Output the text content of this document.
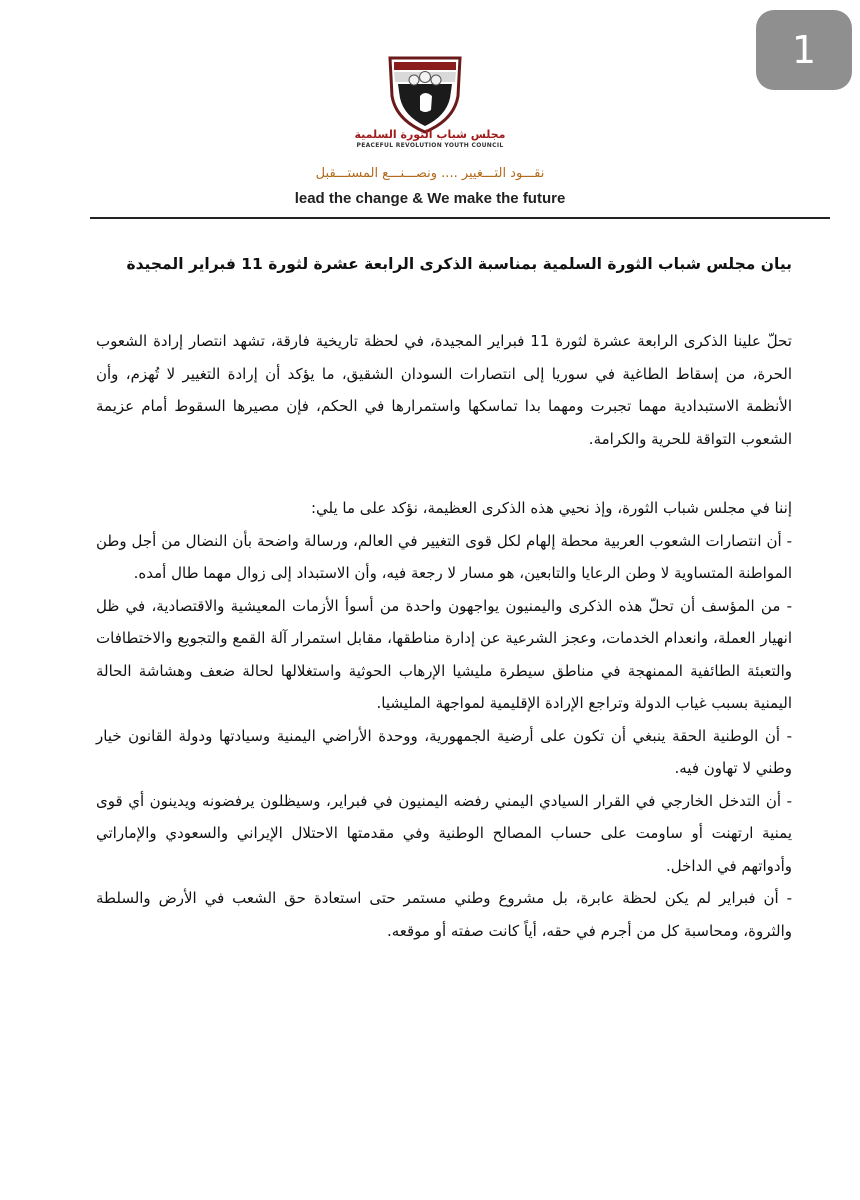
1
مجلس شباب الثورة السلمية
PEACEFUL REVOLUTION YOUTH COUNCIL
نقـــود التـــغيير .... ونصـــنـــع المستـــقبل
lead the change & We make the future
بيان مجلس شباب الثورة السلمية بمناسبة الذكرى الرابعة عشرة لثورة 11 فبراير المجيدة

تحلّ علينا الذكرى الرابعة عشرة لثورة 11 فبراير المجيدة، في لحظة تاريخية فارقة، تشهد انتصار إرادة الشعوب الحرة، من إسقاط الطاغية في سوريا إلى انتصارات السودان الشقيق، ما يؤكد أن إرادة التغيير لا تُهزم، وأن الأنظمة الاستبدادية مهما تجبرت ومهما بدا تماسكها واستمرارها في الحكم، فإن مصيرها السقوط أمام عزيمة الشعوب التواقة للحرية والكرامة.

إننا في مجلس شباب الثورة، وإذ نحيي هذه الذكرى العظيمة، نؤكد على ما يلي:

- أن انتصارات الشعوب العربية محطة إلهام لكل قوى التغيير في العالم، ورسالة واضحة بأن النضال من أجل وطن المواطنة المتساوية لا وطن الرعايا والتابعين، هو مسار لا رجعة فيه، وأن الاستبداد إلى زوال مهما طال أمده.

- من المؤسف أن تحلّ هذه الذكرى واليمنيون يواجهون واحدة من أسوأ الأزمات المعيشية والاقتصادية، في ظل انهيار العملة، وانعدام الخدمات، وعجز الشرعية عن إدارة مناطقها، مقابل استمرار آلة القمع والتجويع والاختطافات والتعبئة الطائفية الممنهجة في مناطق سيطرة مليشيا الإرهاب الحوثية واستغلالها لحالة ضعف وهشاشة الحالة اليمنية بسبب غياب الدولة وتراجع الإرادة الإقليمية لمواجهة المليشيا.

- أن الوطنية الحقة ينبغي أن تكون على أرضية الجمهورية، ووحدة الأراضي اليمنية وسيادتها ودولة القانون خيار وطني لا تهاون فيه.

- أن التدخل الخارجي في القرار السيادي اليمني رفضه اليمنيون في فبراير، وسيظلون يرفضونه ويدينون أي قوى يمنية ارتهنت أو ساومت على حساب المصالح الوطنية وفي مقدمتها الاحتلال الإيراني والسعودي والإماراتي وأدواتهم في الداخل.

- أن فبراير لم يكن لحظة عابرة، بل مشروع وطني مستمر حتى استعادة حق الشعب في الأرض والسلطة والثروة، ومحاسبة كل من أجرم في حقه، أياً كانت صفته أو موقعه.
